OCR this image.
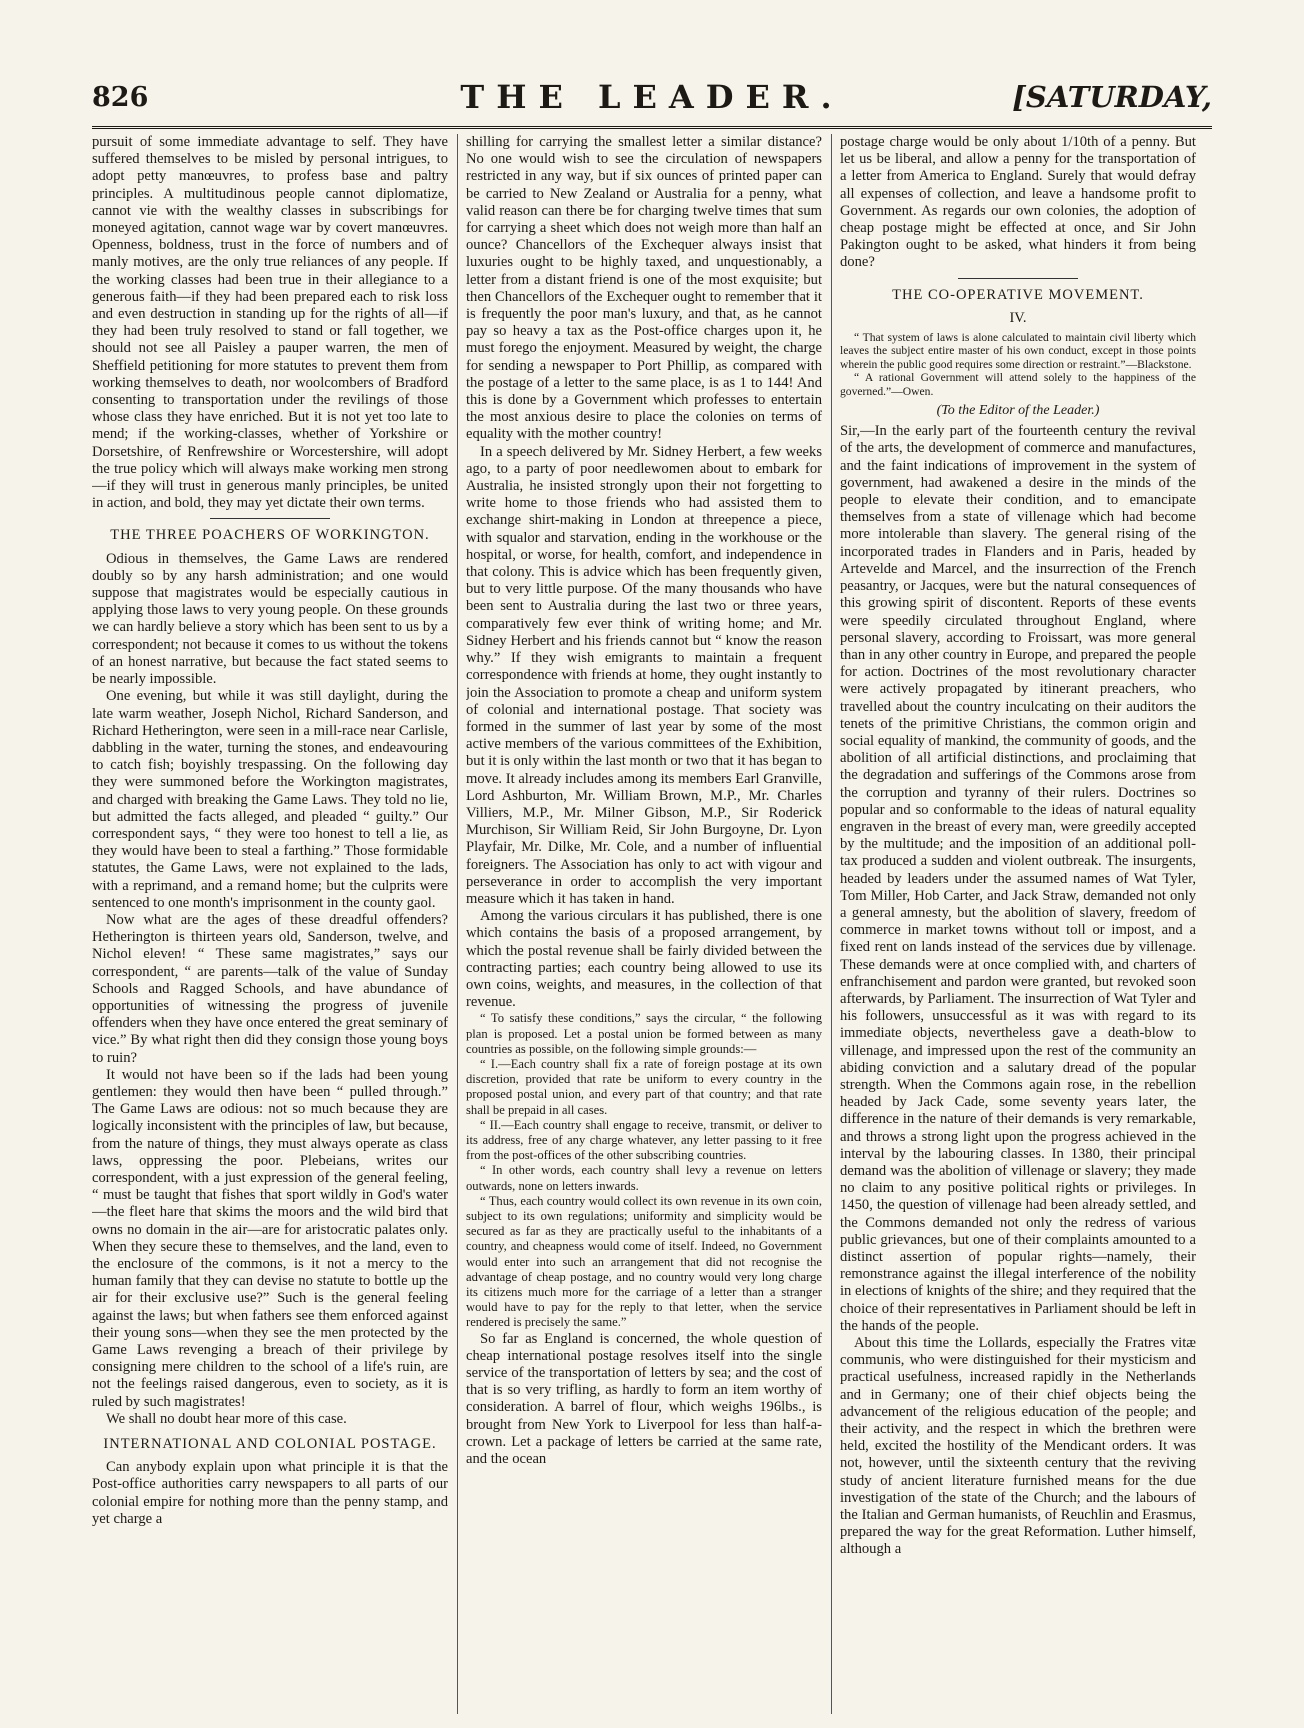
826	THE LEADER.	[SATURDAY,

pursuit of some immediate advantage to self. They have suffered themselves to be misled by personal intrigues, to adopt petty manœuvres, to profess base and paltry principles. A multitudinous people cannot diplomatize, cannot vie with the wealthy classes in subscribings for moneyed agitation, cannot wage war by covert manœuvres. Openness, boldness, trust in the force of numbers and of manly motives, are the only true reliances of any people. If the working classes had been true in their allegiance to a generous faith—if they had been prepared each to risk loss and even destruction in standing up for the rights of all—if they had been truly resolved to stand or fall together, we should not see all Paisley a pauper warren, the men of Sheffield petitioning for more statutes to prevent them from working themselves to death, nor woolcombers of Bradford consenting to transportation under the revilings of those whose class they have enriched. But it is not yet too late to mend; if the working-classes, whether of Yorkshire or Dorsetshire, of Renfrewshire or Worcestershire, will adopt the true policy which will always make working men strong—if they will trust in generous manly principles, be united in action, and bold, they may yet dictate their own terms.

THE THREE POACHERS OF WORKINGTON.

Odious in themselves, the Game Laws are rendered doubly so by any harsh administration; and one would suppose that magistrates would be especially cautious in applying those laws to very young people. On these grounds we can hardly believe a story which has been sent to us by a correspondent; not because it comes to us without the tokens of an honest narrative, but because the fact stated seems to be nearly impossible.

One evening, but while it was still daylight, during the late warm weather, Joseph Nichol, Richard Sanderson, and Richard Hetherington, were seen in a mill-race near Carlisle, dabbling in the water, turning the stones, and endeavouring to catch fish; boyishly trespassing. On the following day they were summoned before the Workington magistrates, and charged with breaking the Game Laws. They told no lie, but admitted the facts alleged, and pleaded “ guilty.” Our correspondent says, “ they were too honest to tell a lie, as they would have been to steal a farthing.” Those formidable statutes, the Game Laws, were not explained to the lads, with a reprimand, and a remand home; but the culprits were sentenced to one month's imprisonment in the county gaol.

Now what are the ages of these dreadful offenders? Hetherington is thirteen years old, Sanderson, twelve, and Nichol eleven! “ These same magistrates,” says our correspondent, “ are parents—talk of the value of Sunday Schools and Ragged Schools, and have abundance of opportunities of witnessing the progress of juvenile offenders when they have once entered the great seminary of vice.” By what right then did they consign those young boys to ruin?

It would not have been so if the lads had been young gentlemen: they would then have been “ pulled through.” The Game Laws are odious: not so much because they are logically inconsistent with the principles of law, but because, from the nature of things, they must always operate as class laws, oppressing the poor. Plebeians, writes our correspondent, with a just expression of the general feeling, “ must be taught that fishes that sport wildly in God's water—the fleet hare that skims the moors and the wild bird that owns no domain in the air—are for aristocratic palates only. When they secure these to themselves, and the land, even to the enclosure of the commons, is it not a mercy to the human family that they can devise no statute to bottle up the air for their exclusive use?” Such is the general feeling against the laws; but when fathers see them enforced against their young sons—when they see the men protected by the Game Laws revenging a breach of their privilege by consigning mere children to the school of a life's ruin, are not the feelings raised dangerous, even to society, as it is ruled by such magistrates!

We shall no doubt hear more of this case.

INTERNATIONAL AND COLONIAL POSTAGE.

Can anybody explain upon what principle it is that the Post-office authorities carry newspapers to all parts of our colonial empire for nothing more than the penny stamp, and yet charge a

shilling for carrying the smallest letter a similar distance? No one would wish to see the circulation of newspapers restricted in any way, but if six ounces of printed paper can be carried to New Zealand or Australia for a penny, what valid reason can there be for charging twelve times that sum for carrying a sheet which does not weigh more than half an ounce? Chancellors of the Exchequer always insist that luxuries ought to be highly taxed, and unquestionably, a letter from a distant friend is one of the most exquisite; but then Chancellors of the Exchequer ought to remember that it is frequently the poor man's luxury, and that, as he cannot pay so heavy a tax as the Post-office charges upon it, he must forego the enjoyment. Measured by weight, the charge for sending a newspaper to Port Phillip, as compared with the postage of a letter to the same place, is as 1 to 144! And this is done by a Government which professes to entertain the most anxious desire to place the colonies on terms of equality with the mother country!

In a speech delivered by Mr. Sidney Herbert, a few weeks ago, to a party of poor needlewomen about to embark for Australia, he insisted strongly upon their not forgetting to write home to those friends who had assisted them to exchange shirt-making in London at threepence a piece, with squalor and starvation, ending in the workhouse or the hospital, or worse, for health, comfort, and independence in that colony. This is advice which has been frequently given, but to very little purpose. Of the many thousands who have been sent to Australia during the last two or three years, comparatively few ever think of writing home; and Mr. Sidney Herbert and his friends cannot but “ know the reason why.” If they wish emigrants to maintain a frequent correspondence with friends at home, they ought instantly to join the Association to promote a cheap and uniform system of colonial and international postage. That society was formed in the summer of last year by some of the most active members of the various committees of the Exhibition, but it is only within the last month or two that it has began to move. It already includes among its members Earl Granville, Lord Ashburton, Mr. William Brown, M.P., Mr. Charles Villiers, M.P., Mr. Milner Gibson, M.P., Sir Roderick Murchison, Sir William Reid, Sir John Burgoyne, Dr. Lyon Playfair, Mr. Dilke, Mr. Cole, and a number of influential foreigners. The Association has only to act with vigour and perseverance in order to accomplish the very important measure which it has taken in hand.

Among the various circulars it has published, there is one which contains the basis of a proposed arrangement, by which the postal revenue shall be fairly divided between the contracting parties; each country being allowed to use its own coins, weights, and measures, in the collection of that revenue.

“ To satisfy these conditions,” says the circular, “ the following plan is proposed. Let a postal union be formed between as many countries as possible, on the following simple grounds:—

“ I.—Each country shall fix a rate of foreign postage at its own discretion, provided that rate be uniform to every country in the proposed postal union, and every part of that country; and that rate shall be prepaid in all cases.

“ II.—Each country shall engage to receive, transmit, or deliver to its address, free of any charge whatever, any letter passing to it free from the post-offices of the other subscribing countries.

“ In other words, each country shall levy a revenue on letters outwards, none on letters inwards.

“ Thus, each country would collect its own revenue in its own coin, subject to its own regulations; uniformity and simplicity would be secured as far as they are practically useful to the inhabitants of a country, and cheapness would come of itself. Indeed, no Government would enter into such an arrangement that did not recognise the advantage of cheap postage, and no country would very long charge its citizens much more for the carriage of a letter than a stranger would have to pay for the reply to that letter, when the service rendered is precisely the same.”

So far as England is concerned, the whole question of cheap international postage resolves itself into the single service of the transportation of letters by sea; and the cost of that is so very trifling, as hardly to form an item worthy of consideration. A barrel of flour, which weighs 196lbs., is brought from New York to Liverpool for less than half-a-crown. Let a package of letters be carried at the same rate, and the ocean

postage charge would be only about 1/10th of a penny. But let us be liberal, and allow a penny for the transportation of a letter from America to England. Surely that would defray all expenses of collection, and leave a handsome profit to Government. As regards our own colonies, the adoption of cheap postage might be effected at once, and Sir John Pakington ought to be asked, what hinders it from being done?

THE CO-OPERATIVE MOVEMENT.
IV.

“ That system of laws is alone calculated to maintain civil liberty which leaves the subject entire master of his own conduct, except in those points wherein the public good requires some direction or restraint.”—Blackstone.

“ A rational Government will attend solely to the happiness of the governed.”—Owen.

(To the Editor of the Leader.)

Sir,—In the early part of the fourteenth century the revival of the arts, the development of commerce and manufactures, and the faint indications of improvement in the system of government, had awakened a desire in the minds of the people to elevate their condition, and to emancipate themselves from a state of villenage which had become more intolerable than slavery. The general rising of the incorporated trades in Flanders and in Paris, headed by Artevelde and Marcel, and the insurrection of the French peasantry, or Jacques, were but the natural consequences of this growing spirit of discontent. Reports of these events were speedily circulated throughout England, where personal slavery, according to Froissart, was more general than in any other country in Europe, and prepared the people for action. Doctrines of the most revolutionary character were actively propagated by itinerant preachers, who travelled about the country inculcating on their auditors the tenets of the primitive Christians, the common origin and social equality of mankind, the community of goods, and the abolition of all artificial distinctions, and proclaiming that the degradation and sufferings of the Commons arose from the corruption and tyranny of their rulers. Doctrines so popular and so conformable to the ideas of natural equality engraven in the breast of every man, were greedily accepted by the multitude; and the imposition of an additional poll-tax produced a sudden and violent outbreak. The insurgents, headed by leaders under the assumed names of Wat Tyler, Tom Miller, Hob Carter, and Jack Straw, demanded not only a general amnesty, but the abolition of slavery, freedom of commerce in market towns without toll or impost, and a fixed rent on lands instead of the services due by villenage. These demands were at once complied with, and charters of enfranchisement and pardon were granted, but revoked soon afterwards, by Parliament. The insurrection of Wat Tyler and his followers, unsuccessful as it was with regard to its immediate objects, nevertheless gave a death-blow to villenage, and impressed upon the rest of the community an abiding conviction and a salutary dread of the popular strength. When the Commons again rose, in the rebellion headed by Jack Cade, some seventy years later, the difference in the nature of their demands is very remarkable, and throws a strong light upon the progress achieved in the interval by the labouring classes. In 1380, their principal demand was the abolition of villenage or slavery; they made no claim to any positive political rights or privileges. In 1450, the question of villenage had been already settled, and the Commons demanded not only the redress of various public grievances, but one of their complaints amounted to a distinct assertion of popular rights—namely, their remonstrance against the illegal interference of the nobility in elections of knights of the shire; and they required that the choice of their representatives in Parliament should be left in the hands of the people.

About this time the Lollards, especially the Fratres vitæ communis, who were distinguished for their mysticism and practical usefulness, increased rapidly in the Netherlands and in Germany; one of their chief objects being the advancement of the religious education of the people; and their activity, and the respect in which the brethren were held, excited the hostility of the Mendicant orders. It was not, however, until the sixteenth century that the reviving study of ancient literature furnished means for the due investigation of the state of the Church; and the labours of the Italian and German humanists, of Reuchlin and Erasmus, prepared the way for the great Reformation. Luther himself, although a
